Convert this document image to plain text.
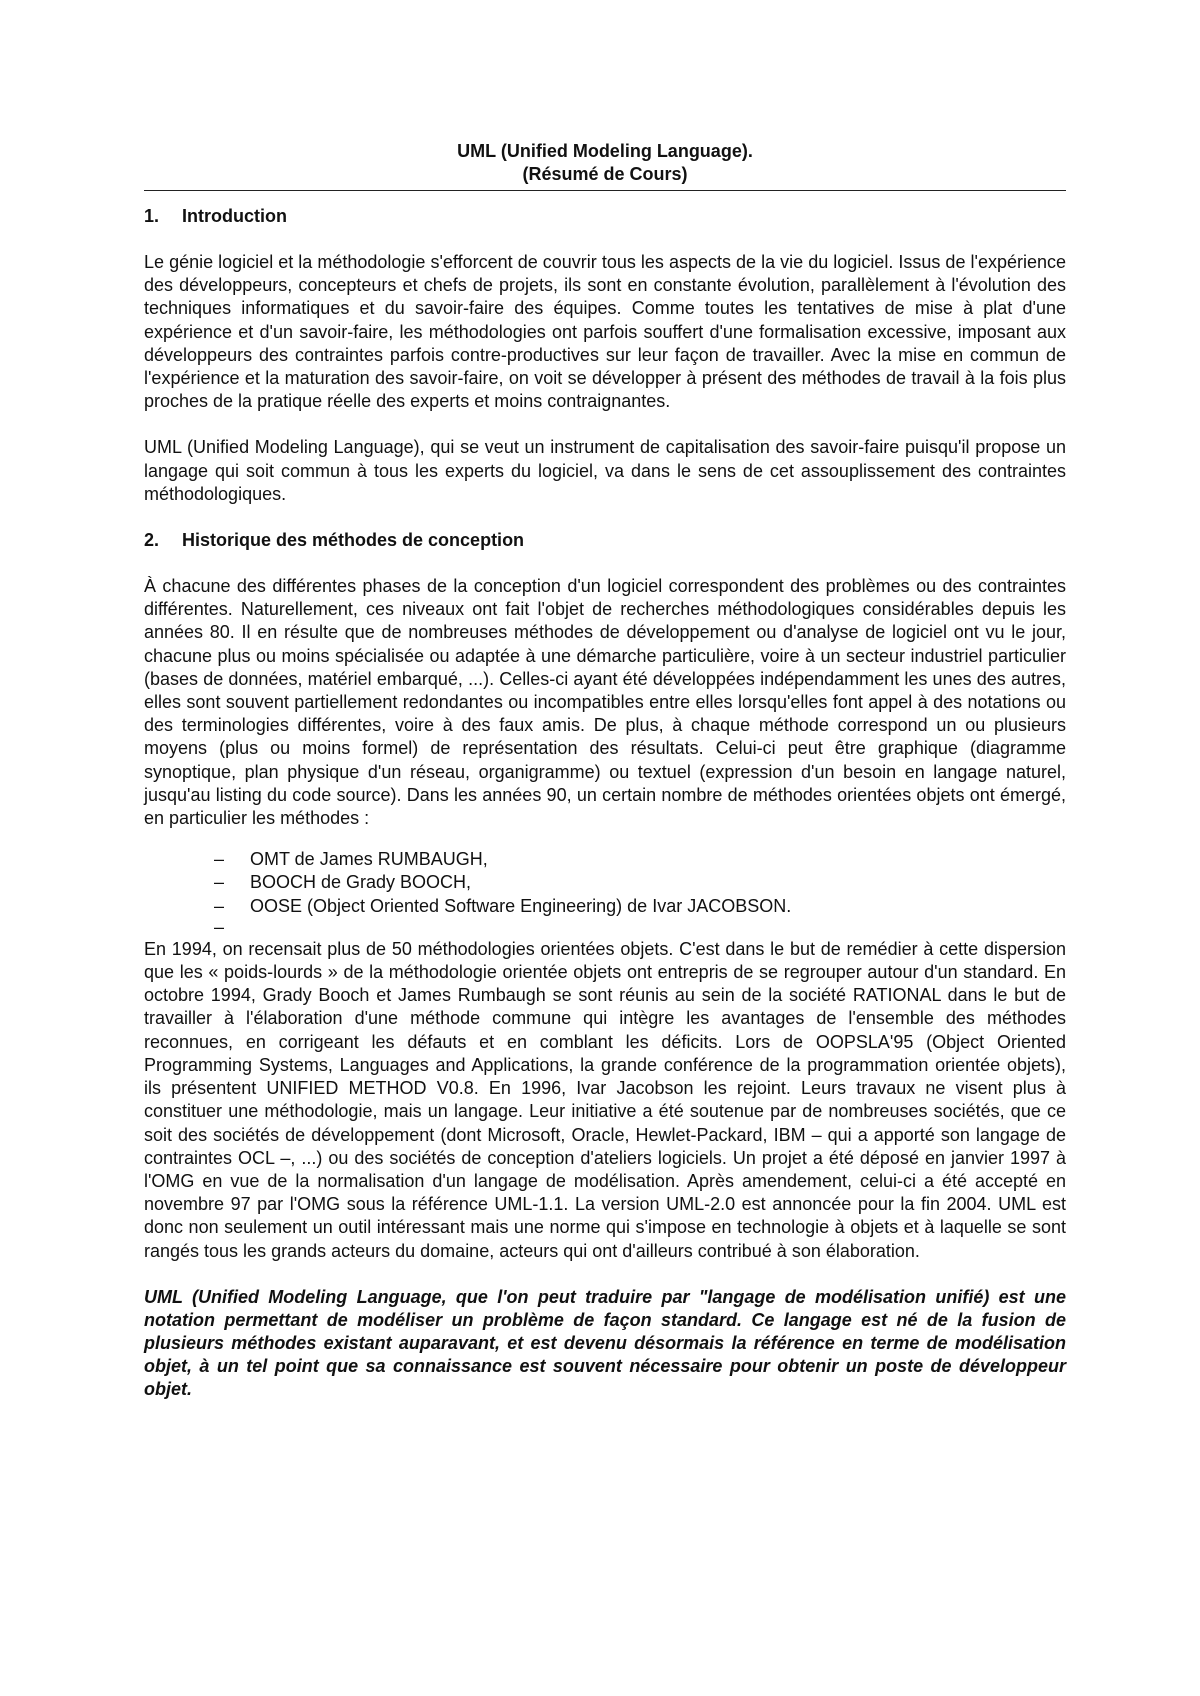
UML (Unified Modeling Language).
(Résumé de Cours)
1. Introduction

Le génie logiciel et la méthodologie s'efforcent de couvrir tous les aspects de la vie du logiciel. Issus de l'expérience des développeurs, concepteurs et chefs de projets, ils sont en constante évolution, parallèlement à l'évolution des techniques informatiques et du savoir-faire des équipes. Comme toutes les tentatives de mise à plat d'une expérience et d'un savoir-faire, les méthodologies ont parfois souffert d'une formalisation excessive, imposant aux développeurs des contraintes parfois contre-productives sur leur façon de travailler. Avec la mise en commun de l'expérience et la maturation des savoir-faire, on voit se développer à présent des méthodes de travail à la fois plus proches de la pratique réelle des experts et moins contraignantes.

UML (Unified Modeling Language), qui se veut un instrument de capitalisation des savoir-faire puisqu'il propose un langage qui soit commun à tous les experts du logiciel, va dans le sens de cet assouplissement des contraintes méthodologiques.

2. Historique des méthodes de conception

À chacune des différentes phases de la conception d'un logiciel correspondent des problèmes ou des contraintes différentes. Naturellement, ces niveaux ont fait l'objet de recherches méthodologiques considérables depuis les années 80. Il en résulte que de nombreuses méthodes de développement ou d'analyse de logiciel ont vu le jour, chacune plus ou moins spécialisée ou adaptée à une démarche particulière, voire à un secteur industriel particulier (bases de données, matériel embarqué, ...). Celles-ci ayant été développées indépendamment les unes des autres, elles sont souvent partiellement redondantes ou incompatibles entre elles lorsqu'elles font appel à des notations ou des terminologies différentes, voire à des faux amis. De plus, à chaque méthode correspond un ou plusieurs moyens (plus ou moins formel) de représentation des résultats. Celui-ci peut être graphique (diagramme synoptique, plan physique d'un réseau, organigramme) ou textuel (expression d'un besoin en langage naturel, jusqu'au listing du code source). Dans les années 90, un certain nombre de méthodes orientées objets ont émergé, en particulier les méthodes :

– OMT de James RUMBAUGH,
– BOOCH de Grady BOOCH,
– OOSE (Object Oriented Software Engineering) de Ivar JACOBSON.
–

En 1994, on recensait plus de 50 méthodologies orientées objets. C'est dans le but de remédier à cette dispersion que les « poids-lourds » de la méthodologie orientée objets ont entrepris de se regrouper autour d'un standard. En octobre 1994, Grady Booch et James Rumbaugh se sont réunis au sein de la société RATIONAL dans le but de travailler à l'élaboration d'une méthode commune qui intègre les avantages de l'ensemble des méthodes reconnues, en corrigeant les défauts et en comblant les déficits. Lors de OOPSLA'95 (Object Oriented Programming Systems, Languages and Applications, la grande conférence de la programmation orientée objets), ils présentent UNIFIED METHOD V0.8. En 1996, Ivar Jacobson les rejoint. Leurs travaux ne visent plus à constituer une méthodologie, mais un langage. Leur initiative a été soutenue par de nombreuses sociétés, que ce soit des sociétés de développement (dont Microsoft, Oracle, Hewlet-Packard, IBM – qui a apporté son langage de contraintes OCL –, ...) ou des sociétés de conception d'ateliers logiciels. Un projet a été déposé en janvier 1997 à l'OMG en vue de la normalisation d'un langage de modélisation. Après amendement, celui-ci a été accepté en novembre 97 par l'OMG sous la référence UML-1.1. La version UML-2.0 est annoncée pour la fin 2004. UML est donc non seulement un outil intéressant mais une norme qui s'impose en technologie à objets et à laquelle se sont rangés tous les grands acteurs du domaine, acteurs qui ont d'ailleurs contribué à son élaboration.

UML (Unified Modeling Language, que l'on peut traduire par "langage de modélisation unifié) est une notation permettant de modéliser un problème de façon standard. Ce langage est né de la fusion de plusieurs méthodes existant auparavant, et est devenu désormais la référence en terme de modélisation objet, à un tel point que sa connaissance est souvent nécessaire pour obtenir un poste de développeur objet.
